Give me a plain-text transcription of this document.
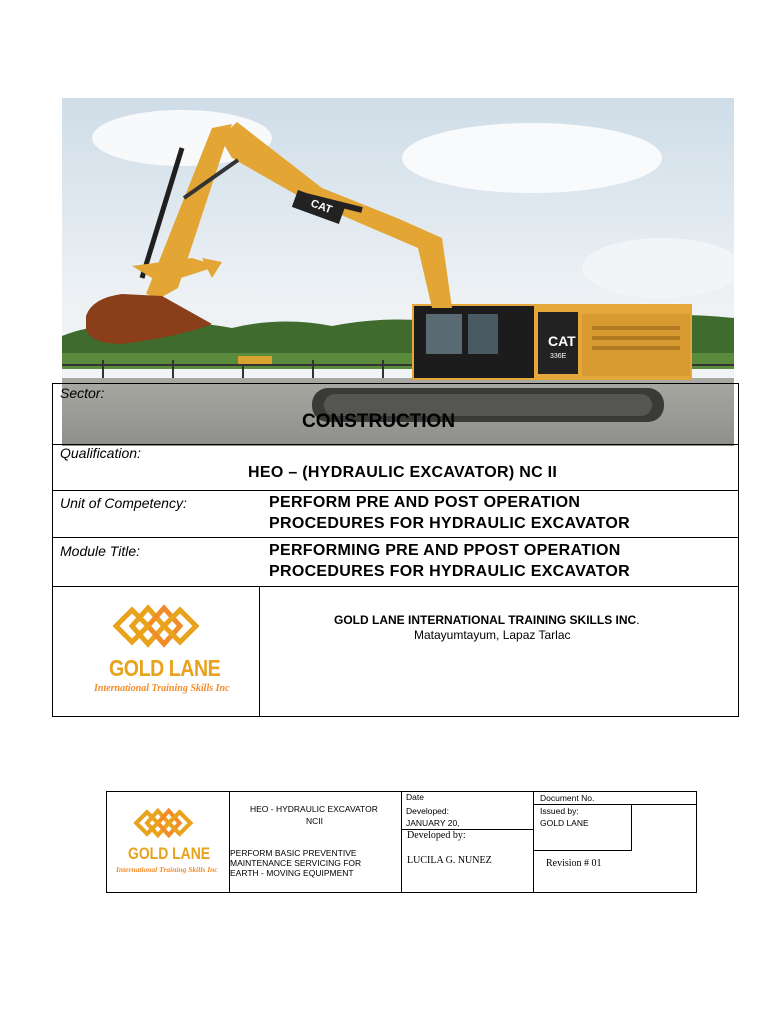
CAT
336E
CAT
Sector:
CONSTRUCTION
Qualification:
HEO – (HYDRAULIC EXCAVATOR) NC II
Unit of Competency:	PERFORM PRE AND POST OPERATION
PROCEDURES FOR HYDRAULIC EXCAVATOR
Module Title:	PERFORMING PRE AND PPOST OPERATION
PROCEDURES FOR HYDRAULIC EXCAVATOR
GOLD LANE
International Training Skills Inc
GOLD LANE INTERNATIONAL TRAINING SKILLS INC.
Matayumtayum, Lapaz Tarlac
GOLD LANE
International Training Skills Inc
HEO - HYDRAULIC EXCAVATOR
NCII
PERFORM BASIC PREVENTIVE
MAINTENANCE SERVICING FOR
EARTH - MOVING EQUIPMENT
Date
Developed:
JANUARY 20,
Developed by:
LUCILA G. NUNEZ
Document No.
Issued by:
GOLD LANE
Revision # 01
